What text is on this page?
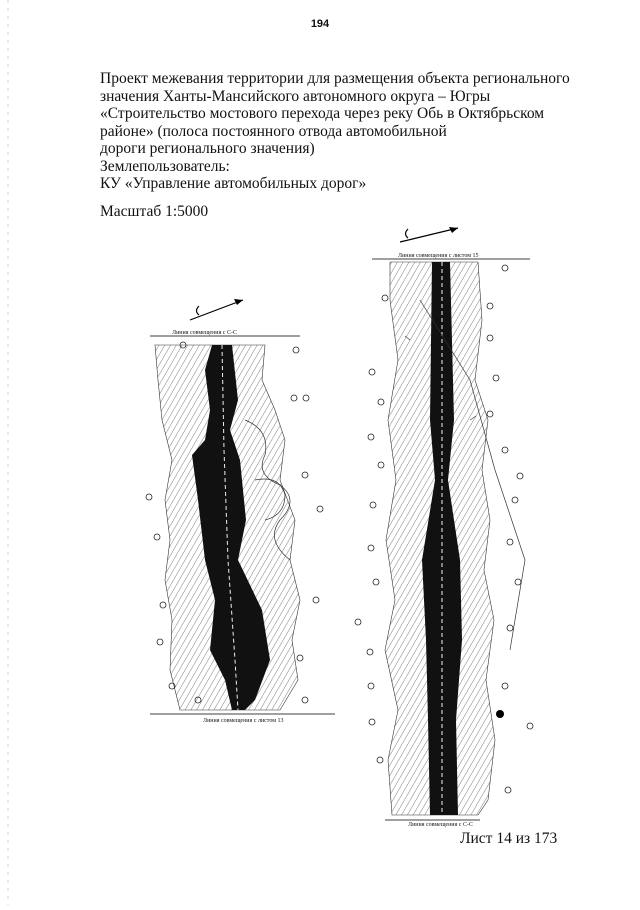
194
Проект межевания территории для размещения объекта регионального
значения Ханты-Мансийского автономного округа – Югры
«Строительство мостового перехода через реку Обь в Октябрьском
районе» (полоса постоянного отвода автомобильной
дороги регионального значения)
Землепользователь:
КУ «Управление автомобильных дорог»
Масштаб 1:5000
Линия совмещения с С-С
Линия совмещения с листом 13
Линия совмещения с листом 15
Линия совмещения с С-С
Лист 14 из 173
